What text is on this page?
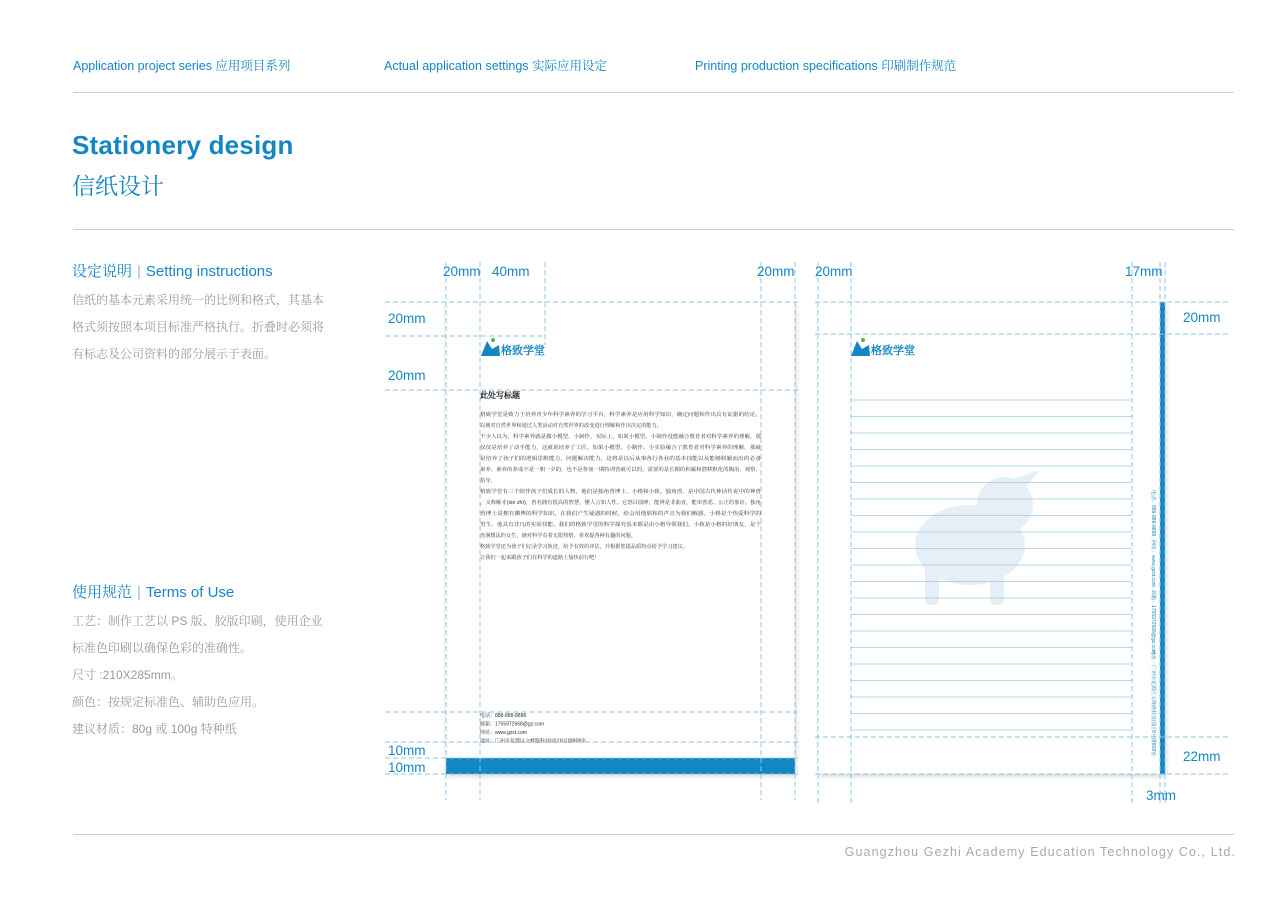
Application project series 应用项目系列	Actual application settings 实际应用设定	Printing production specifications 印刷制作规范
Stationery design
信纸设计
设定说明 | Setting instructions
信纸的基本元素采用统一的比例和格式，其基本格式须按照本项目标准严格执行。折叠时必须将有标志及公司资料的部分展示于表面。
使用规范 | Terms of Use
工艺：制作工艺以 PS 版、胶版印刷，使用企业标准色印刷以确保色彩的准确性。
尺寸 :210X285mm。
颜色：按规定标准色、辅助色应用。
建议材质：80g 或 100g 特种纸
格致学堂	格致学堂
此处写标题
格致学堂是致力于培养青少年科学素养的学习平台，科学素养是应用科学知识，确定问题和作出具有证据的结论，
以便对自然世界和通过人类活动对自然世界的改变进行理解和作出决定的能力。
不少人以为，科学素养就是做小模型、小制作，实际上，如果小模型、小制作没能融合教育者对科学素养的理解，那
仅仅是培养了动手能力，这就说培养了工匠。如果小模型、小制作、小实验融合了教育者对科学素养的理解，那就
是培养了孩子们的逻辑思维能力，问题解决能力，这将是以后从事各行各业的基本技能以及能够脱颖而出的必备
素养。素养的养成不是一朝一夕的，也不是参加一期特训营就可以的，需要的是长期的积累和潜移默化的陶冶、观察、
指导。
格致学堂有三个陪伴孩子们成长的人物，他们是独角兽博士、小格和小致。独角兽，是中国古代神话传说中的神兽
，又称解豸(xiè zhì)，兽名拥有很高的智慧，懂人言知人性。它怒目圆睁，能辨是非曲直，能审善恶。公正的象征。独角
兽博士是拥有渊博的科学知识，在我们产生疑惑的时候，给会用他那和的声音为我们解惑。小格是个热爱科学的
男生，他具有非凡的实验技能。我们的格致学堂的科学探究基本都是由小格导领我们。小致是小格的好朋友，是个
充满想法的女生，她对科学有着无限热情，喜欢提各种有趣的问题。
格致学堂还为孩子们记录学习轨迹，给予有效的评估，并根据您提品质特点给予学习建议。
让我们一起来跟孩子们在科学的道路上愉快前行吧！
电话：888-888-8888
邮箱：1755972668@gz.com
网址：www.gzxt.com
地址：广州市花都区文峰路科技园区8号楼808室
电话：888-888-8888
网址：www.gzxt.com
邮箱：1755972668@gz.com
地址：广州市花都区文峰路科技园区8号楼808室
20mm 40mm	20mm 20mm	17mm
20mm
20mm
20mm
10mm
10mm
22mm
3mm
Guangzhou Gezhi Academy Education Technology Co., Ltd.
